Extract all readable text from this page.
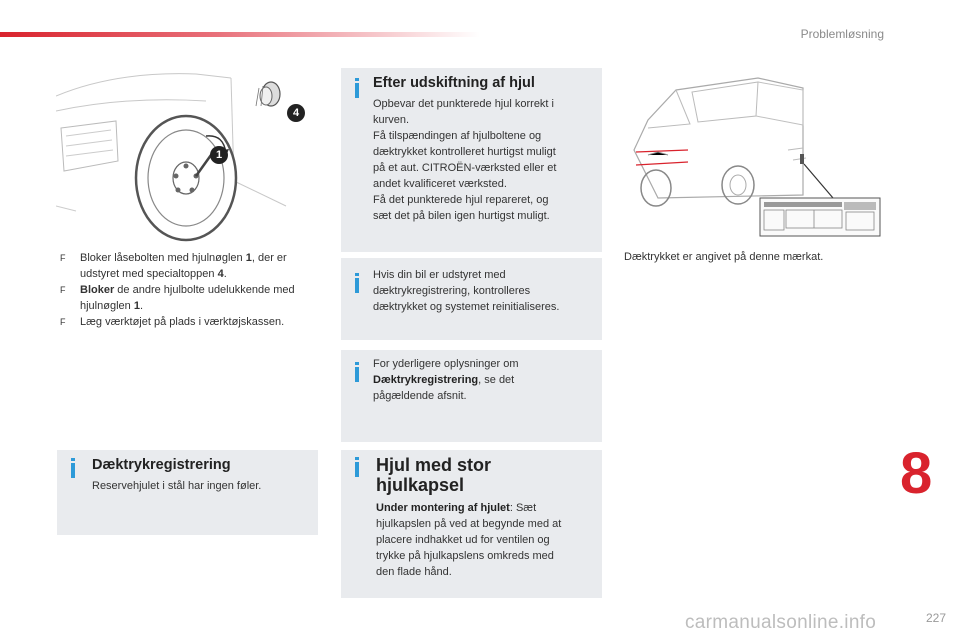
Problemløsning
1
4
F Bloker låsebolten med hjulnøglen 1, der er udstyret med specialtoppen 4.
F Bloker de andre hjulbolte udelukkende med hjulnøglen 1.
F Læg værktøjet på plads i værktøjskassen.
Efter udskiftning af hjul
Opbevar det punkterede hjul korrekt i
kurven.
Få tilspændingen af hjulboltene og
dæktrykket kontrolleret hurtigst muligt
på et aut. CITROËN-værksted eller et
andet kvalificeret værksted.
Få det punkterede hjul repareret, og
sæt det på bilen igen hurtigst muligt.
Hvis din bil er udstyret med
dæktrykregistrering, kontrolleres
dæktrykket og systemet reinitialiseres.
For yderligere oplysninger om
Dæktrykregistrering, se det
pågældende afsnit.
Dæktrykregistrering
Reservehjulet i stål har ingen føler.
Hjul med stor
hjulkapsel
Under montering af hjulet: Sæt
hjulkapslen på ved at begynde med at
placere indhakket ud for ventilen og
trykke på hjulkapslens omkreds med
den flade hånd.
Dæktrykket er angivet på denne mærkat.
8
carmanualsonline.info	227
